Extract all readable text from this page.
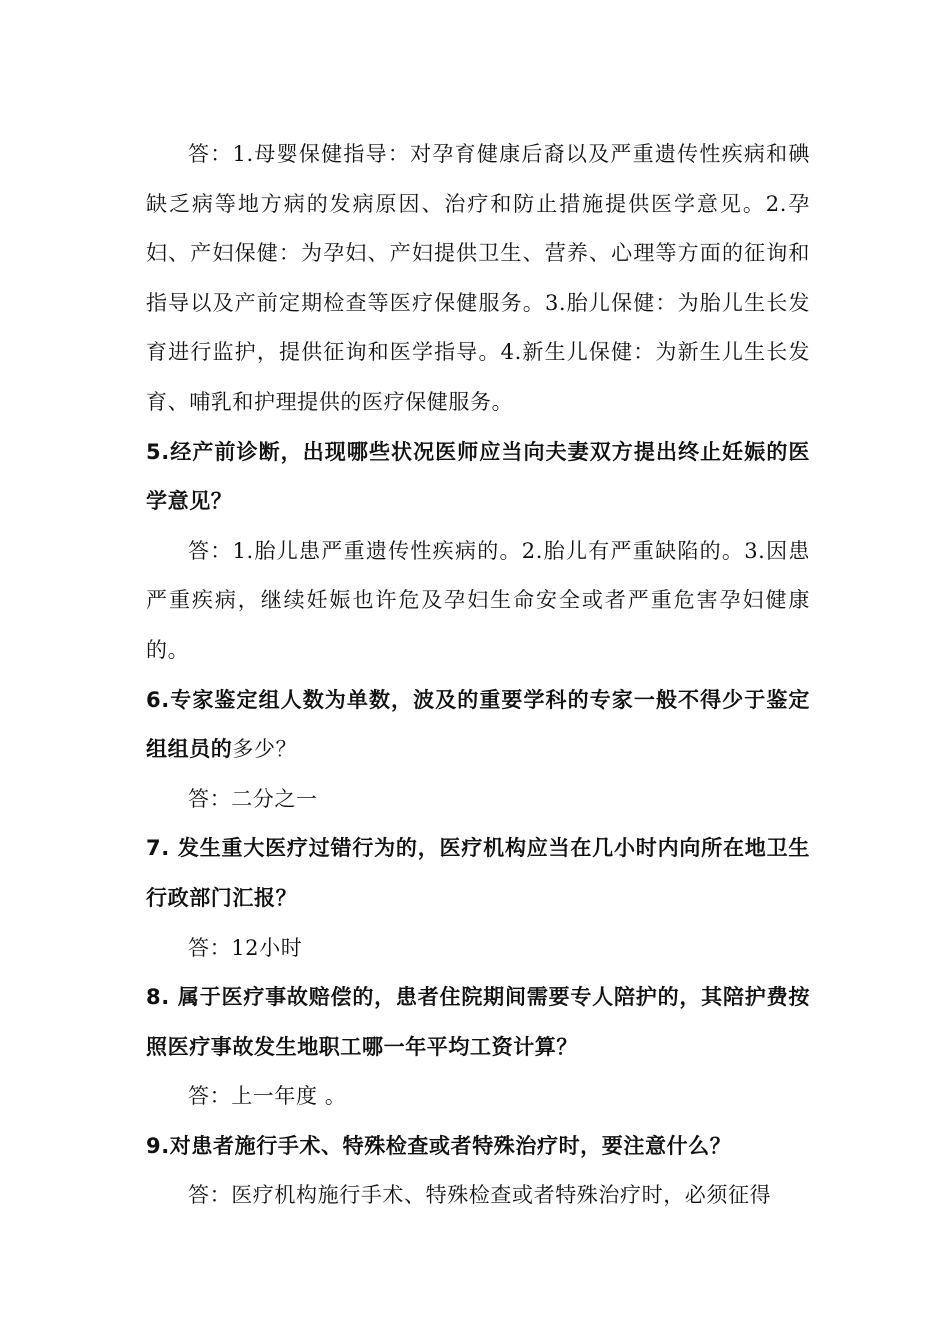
答：1.母婴保健指导：对孕育健康后裔以及严重遗传性疾病和碘缺乏病等地方病的发病原因、治疗和防止措施提供医学意见。2.孕妇、产妇保健：为孕妇、产妇提供卫生、营养、心理等方面的征询和指导以及产前定期检查等医疗保健服务。3.胎儿保健：为胎儿生长发育进行监护，提供征询和医学指导。4.新生儿保健：为新生儿生长发育、哺乳和护理提供的医疗保健服务。

5.经产前诊断，出现哪些状况医师应当向夫妻双方提出终止妊娠的医学意见？

答：1.胎儿患严重遗传性疾病的。2.胎儿有严重缺陷的。3.因患严重疾病，继续妊娠也许危及孕妇生命安全或者严重危害孕妇健康的。

6.专家鉴定组人数为单数，波及的重要学科的专家一般不得少于鉴定组组员的多少？

答：二分之一

7. 发生重大医疗过错行为的，医疗机构应当在几小时内向所在地卫生行政部门汇报？

答：12小时

8. 属于医疗事故赔偿的，患者住院期间需要专人陪护的，其陪护费按照医疗事故发生地职工哪一年平均工资计算？

答：上一年度 。

9.对患者施行手术、特殊检查或者特殊治疗时，要注意什么？

答：医疗机构施行手术、特殊检查或者特殊治疗时，必须征得
